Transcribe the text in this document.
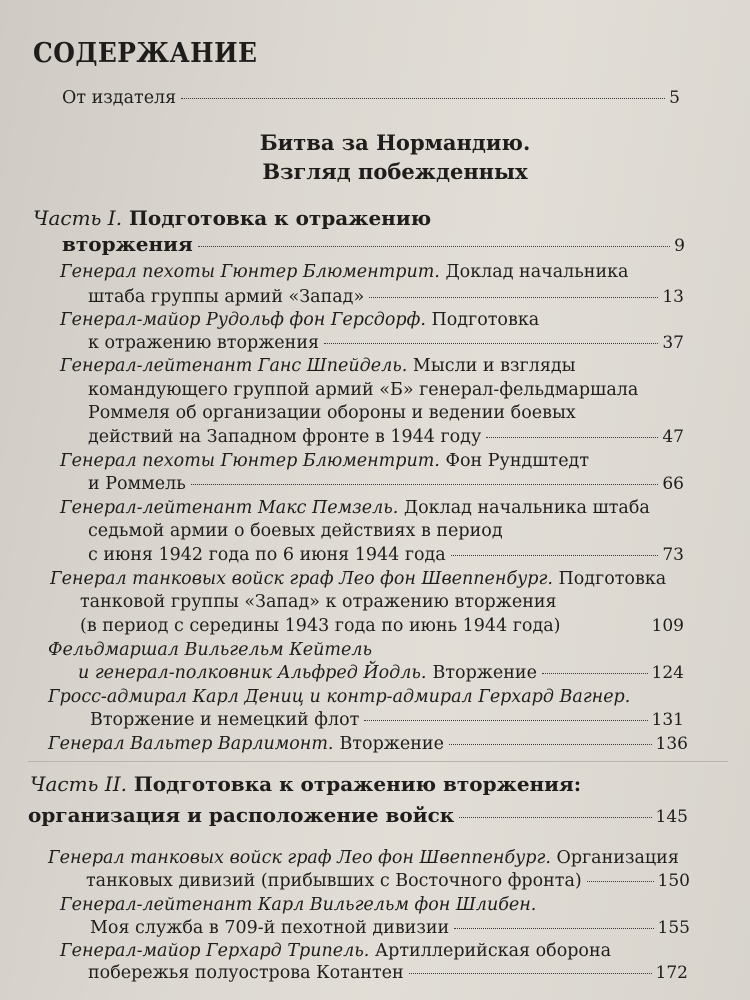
СОДЕРЖАНИЕ
От издателя	5
Битва за Нормандию.
Взгляд побежденных
Часть I. Подготовка к отражению
вторжения	9
Генерал пехоты Гюнтер Блюментрит. Доклад начальника
штаба группы армий «Запад»	13
Генерал-майор Рудольф фон Герсдорф. Подготовка
к отражению вторжения	37
Генерал-лейтенант Ганс Шпейдель. Мысли и взгляды
командующего группой армий «Б» генерал-фельдмаршала
Роммеля об организации обороны и ведении боевых
действий на Западном фронте в 1944 году	47
Генерал пехоты Гюнтер Блюментрит. Фон Рундштедт
и Роммель	66
Генерал-лейтенант Макс Пемзель. Доклад начальника штаба
седьмой армии о боевых действиях в период
с июня 1942 года по 6 июня 1944 года	73
Генерал танковых войск граф Лео фон Швеппенбург. Подготовка
танковой группы «Запад» к отражению вторжения
(в период с середины 1943 года по июнь 1944 года)	109
Фельдмаршал Вильгельм Кейтель
и генерал-полковник Альфред Йодль. Вторжение	124
Гросс-адмирал Карл Дениц и контр-адмирал Герхард Вагнер.
Вторжение и немецкий флот	131
Генерал Вальтер Варлимонт. Вторжение	136
Часть II. Подготовка к отражению вторжения:
организация и расположение войск	145
Генерал танковых войск граф Лео фон Швеппенбург. Организация
танковых дивизий (прибывших с Восточного фронта)	150
Генерал-лейтенант Карл Вильгельм фон Шлибен.
Моя служба в 709-й пехотной дивизии	155
Генерал-майор Герхард Трипель. Артиллерийская оборона
побережья полуострова Котантен	172
